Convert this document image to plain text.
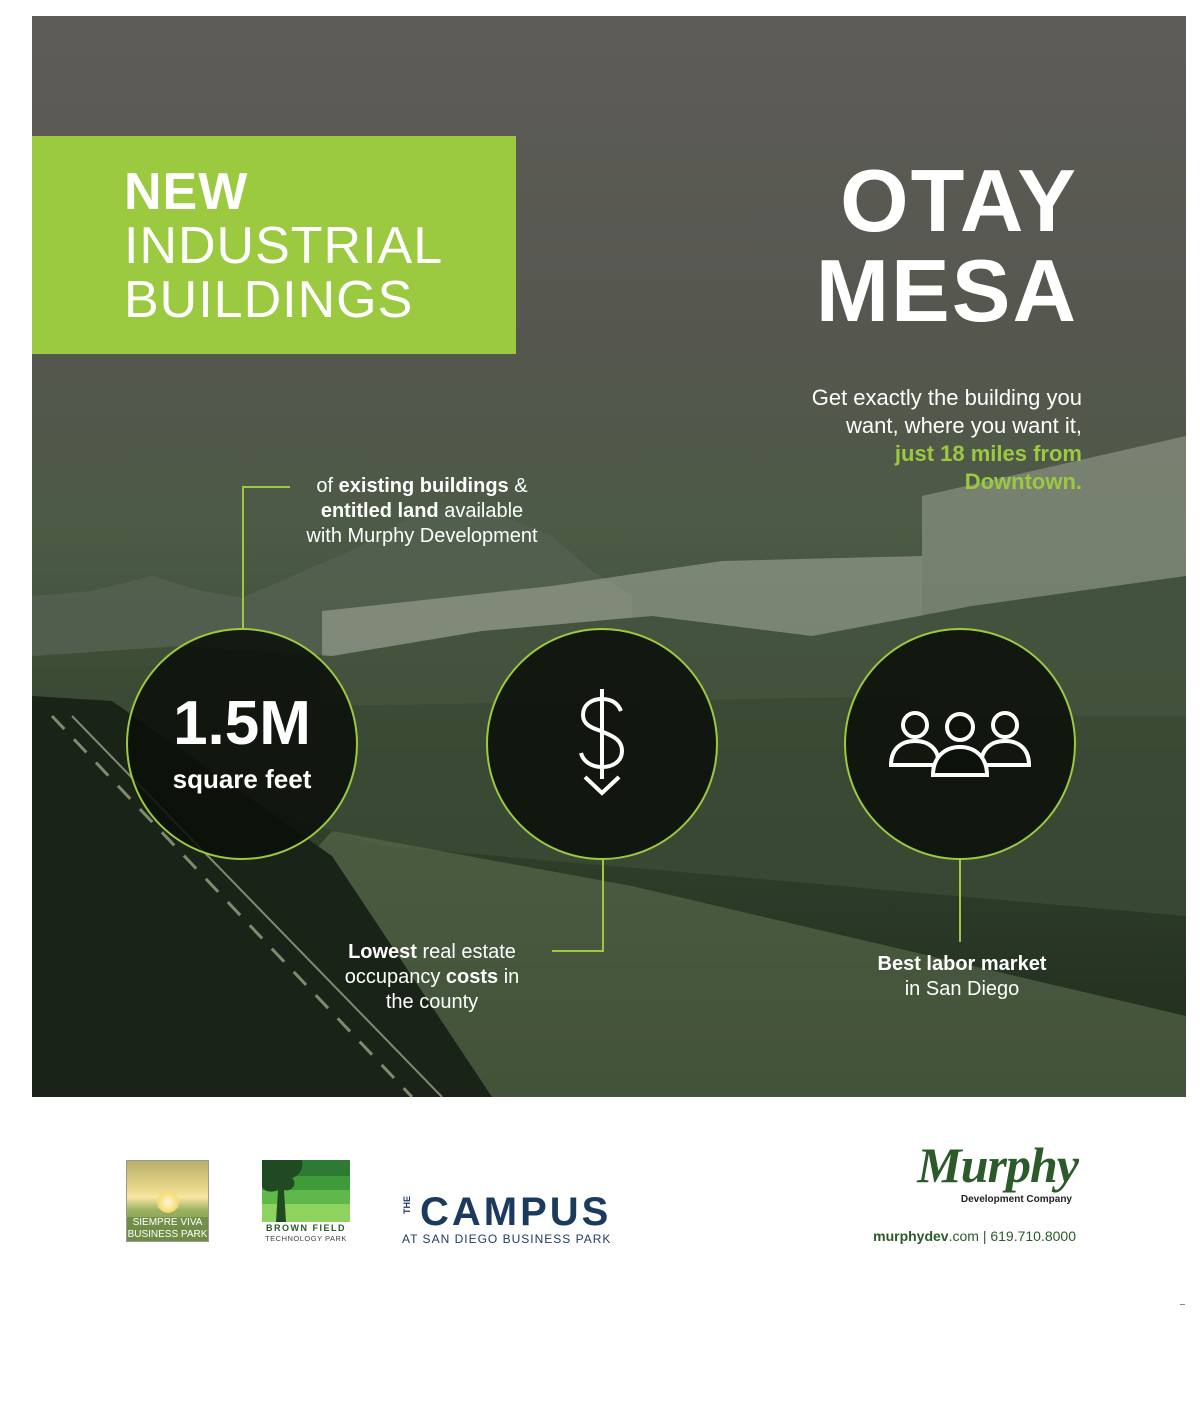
NEW
INDUSTRIAL
BUILDINGS
OTAY
MESA
Get exactly the building you
want, where you want it,
just 18 miles from
Downtown.
1.5M
square feet
of existing buildings &
entitled land available
with Murphy Development
Lowest real estate
occupancy costs in
the county
Best labor market
in San Diego
SIEMPRE VIVA BUSINESS PARK
BROWN FIELD
TECHNOLOGY PARK
THE CAMPUS
AT SAN DIEGO BUSINESS PARK
Murphy
Development Company
murphydev.com | 619.710.8000
